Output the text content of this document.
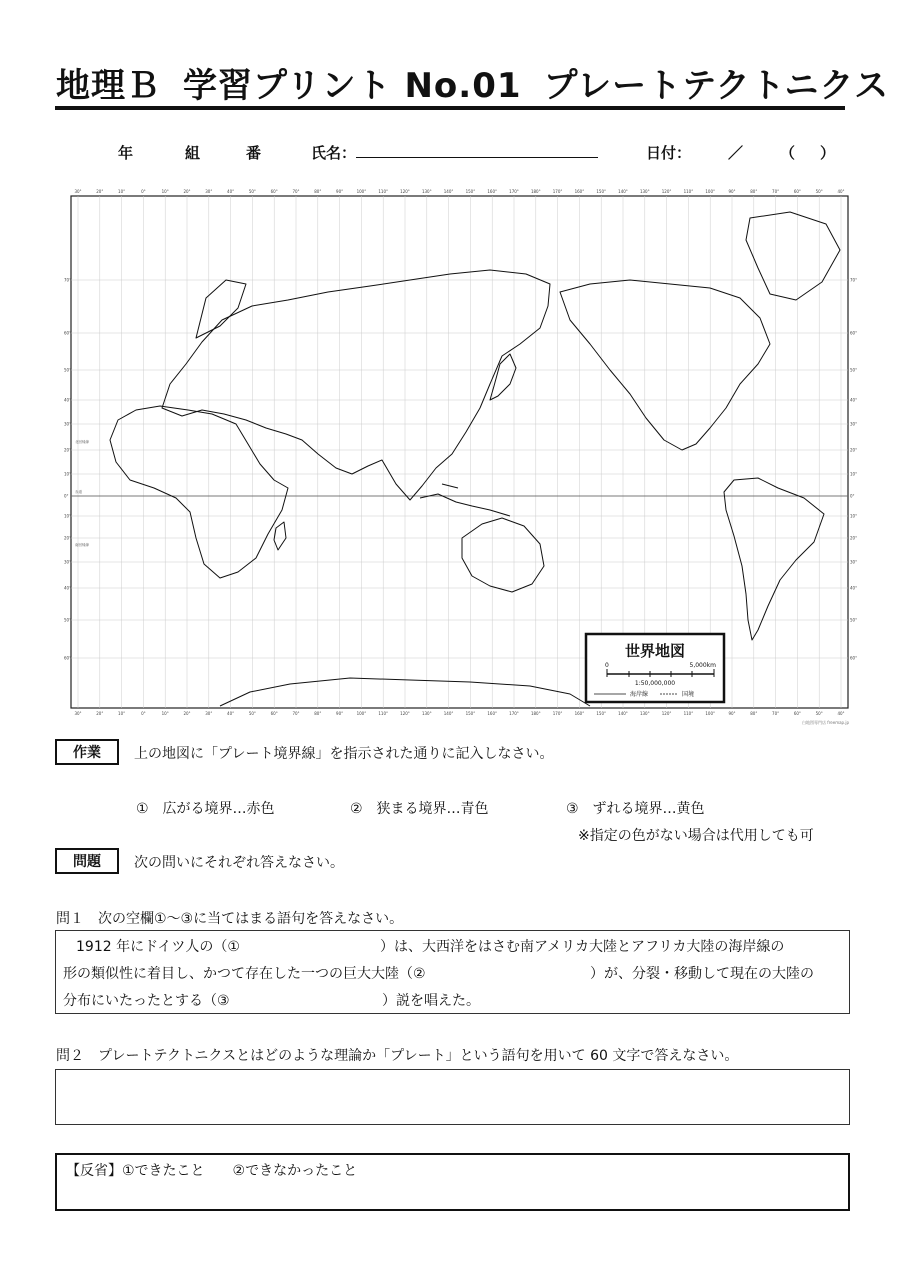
地理Ｂ 学習プリント No.01 プレートテクトニクス
年	組	番	氏名：	日付： ／ （ ）
30°	20°	10°	0°	10°	20°	30°	40°	50°	60°	70°	80°	90°	100°	110°	120°	130°	140°	150°	160°	170°	180°	170°	160°	150°	140°	130°	120°	110°	100°	90°	80°	70°	60°	50°	40°
30°	20°	10°	0°	10°	20°	30°	40°	50°	60°	70°	80°	90°	100°	110°	120°	130°	140°	150°	160°	170°	180°	170°	160°	150°	140°	130°	120°	110°	100°	90°	80°	70°	60°	50°	40°
70°	70°
60°	60°
50°	50°
40°	40°
30°	30°
20°	20°
10°	10°
0°	0°
10°	10°
20°	20°
30°	30°
40°	40°
50°	50°
60°	60°
北回帰線
赤道
南回帰線
世界地図
0	5,000km
1:50,000,000
海岸線	国境
白地図専門店 freemap.jp
作業	上の地図に「プレート境界線」を指示された通りに記入しなさい。
①　広がる境界…赤色	②　狭まる境界…青色	③　ずれる境界…黄色
※指定の色がない場合は代用しても可
問題	次の問いにそれぞれ答えなさい。
問１　次の空欄①～③に当てはまる語句を答えなさい。
1912 年にドイツ人の（①	）は、大西洋をはさむ南アメリカ大陸とアフリカ大陸の海岸線の
形の類似性に着目し、かつて存在した一つの巨大大陸（②	）が、分裂・移動して現在の大陸の
分布にいたったとする（③	）説を唱えた。
問２　プレートテクトニクスとはどのような理論か「プレート」という語句を用いて 60 文字で答えなさい。
【反省】①できたこと　　②できなかったこと
